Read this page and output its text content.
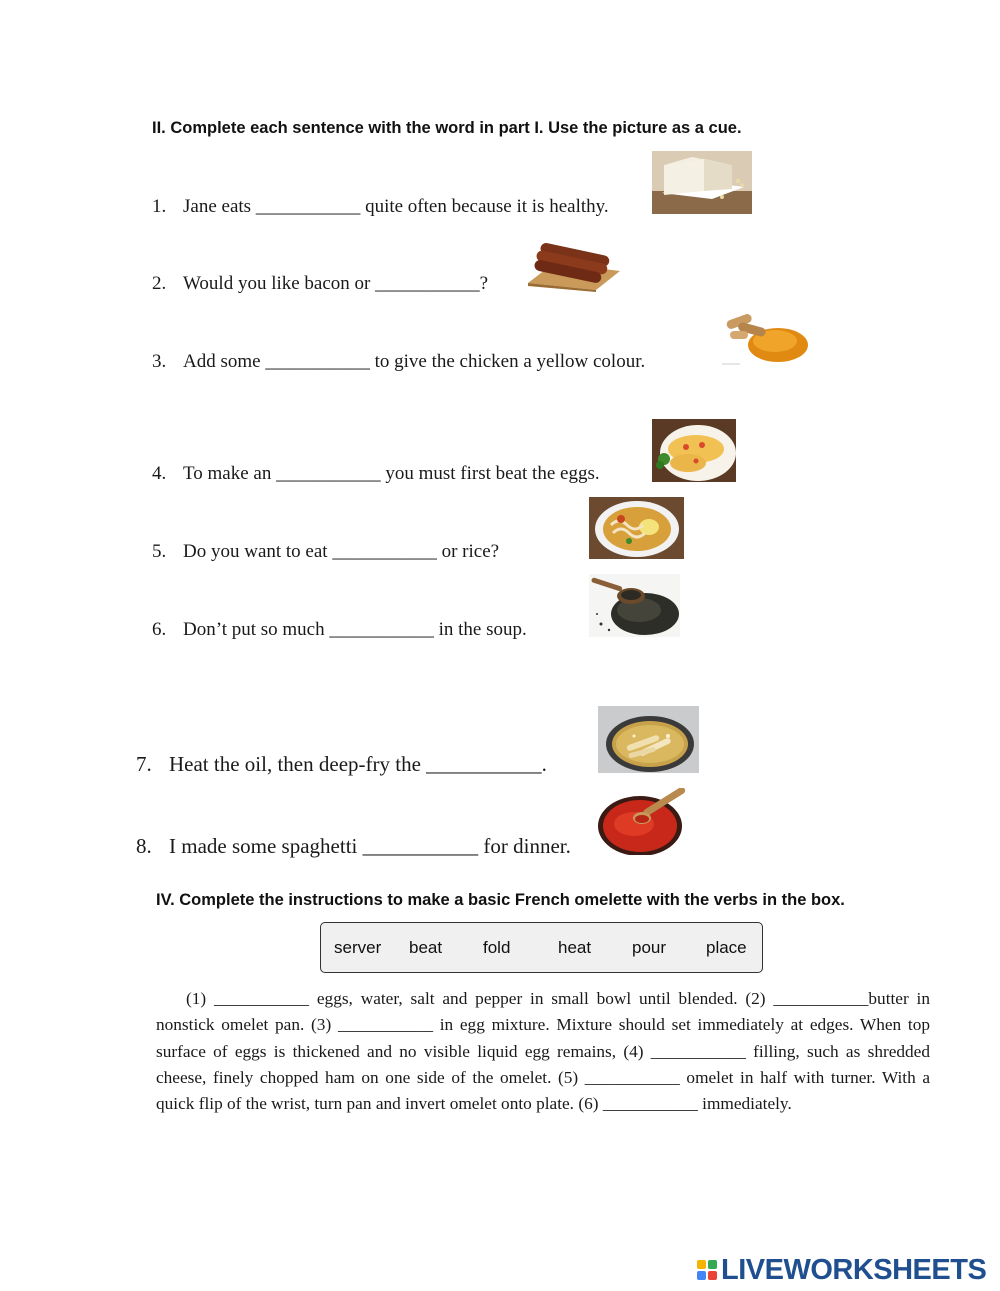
II. Complete each sentence with the word in part I. Use the picture as a cue.
1. Jane eats ___________ quite often because it is healthy.
2. Would you like bacon or ___________?
3. Add some ___________ to give the chicken a yellow colour.
4. To make an ___________ you must first beat the eggs.
5. Do you want to eat ___________ or rice?
6. Don’t put so much ___________ in the soup.
7. Heat the oil, then deep-fry the ___________.
8. I made some spaghetti ___________ for dinner.
IV. Complete the instructions to make a basic French omelette with the verbs in the box.
server beat fold	heat pour place
(1) ___________ eggs, water, salt and pepper in small bowl until blended. (2) ___________butter in nonstick omelet pan. (3) ___________ in egg mixture. Mixture should set immediately at edges. When top surface of eggs is thickened and no visible liquid egg remains, (4) ___________ filling, such as shredded cheese, finely chopped ham on one side of the omelet. (5) ___________ omelet in half with turner. With a quick flip of the wrist, turn pan and invert omelet onto plate. (6) ___________ immediately.
LIVEWORKSHEETS
